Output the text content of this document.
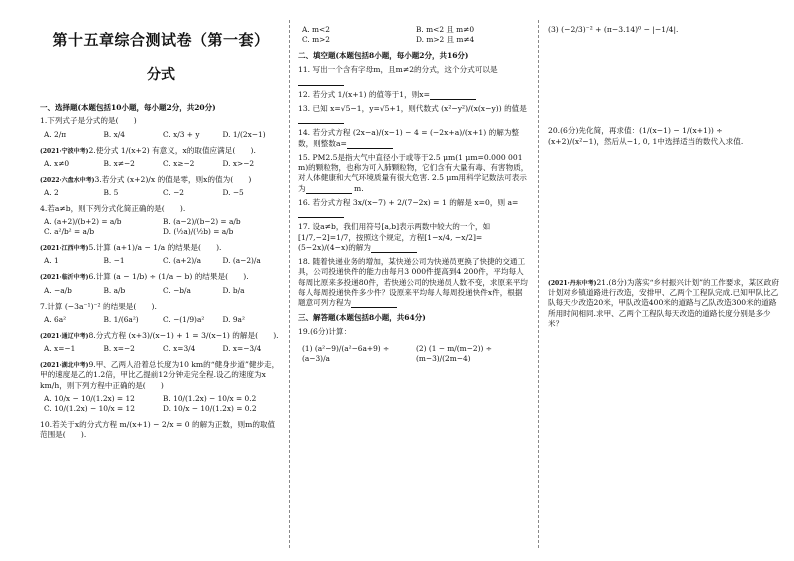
第十五章综合测试卷（第一套）
分式
一、选择题(本题包括10小题，每小题2分，共20分)
1.下列式子是分式的是(　　)
A. 2/π	B. x/4	C. x/3 + y	D. 1/(2x−1)
(2021·宁波中考)2.使分式 1/(x+2) 有意义，x的取值应满足(　　).
A. x≠0	B. x≠−2	C. x≥−2	D. x>−2
(2022·六盘水中考)3.若分式 (x+2)/x 的值是零，则x的值为(　　)
A. 2	B. 5	C. −2	D. −5
4.若a≠b，则下列分式化简正确的是(　　).
A. (a+2)/(b+2) = a/b	B. (a−2)/(b−2) = a/b
C. a²/b² = a/b	D. (½a)/(½b) = a/b
(2021·江西中考)5.计算 (a+1)/a − 1/a 的结果是(　　).
A. 1	B. −1	C. (a+2)/a	D. (a−2)/a
(2021·临沂中考)6.计算 (a − 1/b) ÷ (1/a − b) 的结果是(　　).
A. −a/b	B. a/b	C. −b/a	D. b/a
7.计算 (−3a⁻¹)⁻² 的结果是(　　).
A. 6a²	B. 1/(6a²)	C. −(1/9)a²	D. 9a²
(2021·通辽中考)8.分式方程 (x+3)/(x−1) + 1 = 3/(x−1) 的解是(　　).
A. x=−1	B. x=−2	C. x=3/4	D. x=−3/4
(2021·湖北中考)9.甲、乙两人沿着总长度为10 km的“健身步道”健步走，甲的速度是乙的1.2倍，甲比乙提前12分钟走完全程.设乙的速度为x km/h，则下列方程中正确的是(　　)
A. 10/x − 10/(1.2x) = 12	B. 10/(1.2x) − 10/x = 0.2
C. 10/(1.2x) − 10/x = 12	D. 10/x − 10/(1.2x) = 0.2
10.若关于x的分式方程 m/(x+1) − 2/x = 0 的解为正数，则m的取值范围是(　　).
A. m<2	B. m<2 且 m≠0
C. m>2	D. m>2 且 m≠4
二、填空题(本题包括8小题，每小题2分，共16分)
11. 写出一个含有字母m，且m≠2的分式，这个分式可以是
12. 若分式 1/(x+1) 的值等于1，则x=
13. 已知 x=√5−1，y=√5+1，则代数式 (x²−y²)/(x(x−y)) 的值是
14. 若分式方程 (2x−a)/(x−1) − 4 = (−2x+a)/(x+1) 的解为整数，则整数a=
15. PM2.5是指大气中直径小于或等于2.5 μm(1 μm=0.000 001 m)的颗粒物，也称为可入肺颗粒物，它们含有大量有毒、有害物质，对人体健康和大气环境质量有很大危害. 2.5 μm用科学记数法可表示为	m.
16. 若分式方程 3x/(x−7) + 2/(7−2x) = 1 的解是 x=0，则 a=
17. 设a≠b，我们用符号[a,b]表示两数中较大的一个，如[1/7,−2]=1/7，按照这个规定，方程[1−x/4, −x/2]=(5−2x)/(4−x)的解为
18. 随着快递业务的增加，某快递公司为快递员更换了快捷的交通工具，公司投递快件的能力由每月3 000件提高到4 200件，平均每人每周比原来多投递80件，若快递公司的快递员人数不变，求原来平均每人每周投递快件多少件？设原来平均每人每周投递快件x件，根据题意可列方程为
三、解答题(本题包括8小题，共64分)
19.(6分)计算：
(1) (a²−9)/(a²−6a+9) ÷ (a−3)/a
(2) (1 − m/(m−2)) ÷ (m−3)/(2m−4)
(3) (−2/3)⁻² + (π−3.14)⁰ − |−1/4|.
20.(6分)先化简，再求值：(1/(x−1) − 1/(x+1)) ÷ (x+2)/(x²−1)，然后从−1, 0, 1中选择适当的数代入求值.
(2021·丹东中考)21.(8分)为落实“乡村振兴计划”的工作要求，某区政府计划对乡镇道路进行改造，安排甲、乙两个工程队完成.已知甲队比乙队每天少改造20米，甲队改造400米的道路与乙队改造300米的道路所用时间相同.求甲、乙两个工程队每天改造的道路长度分别是多少米？
